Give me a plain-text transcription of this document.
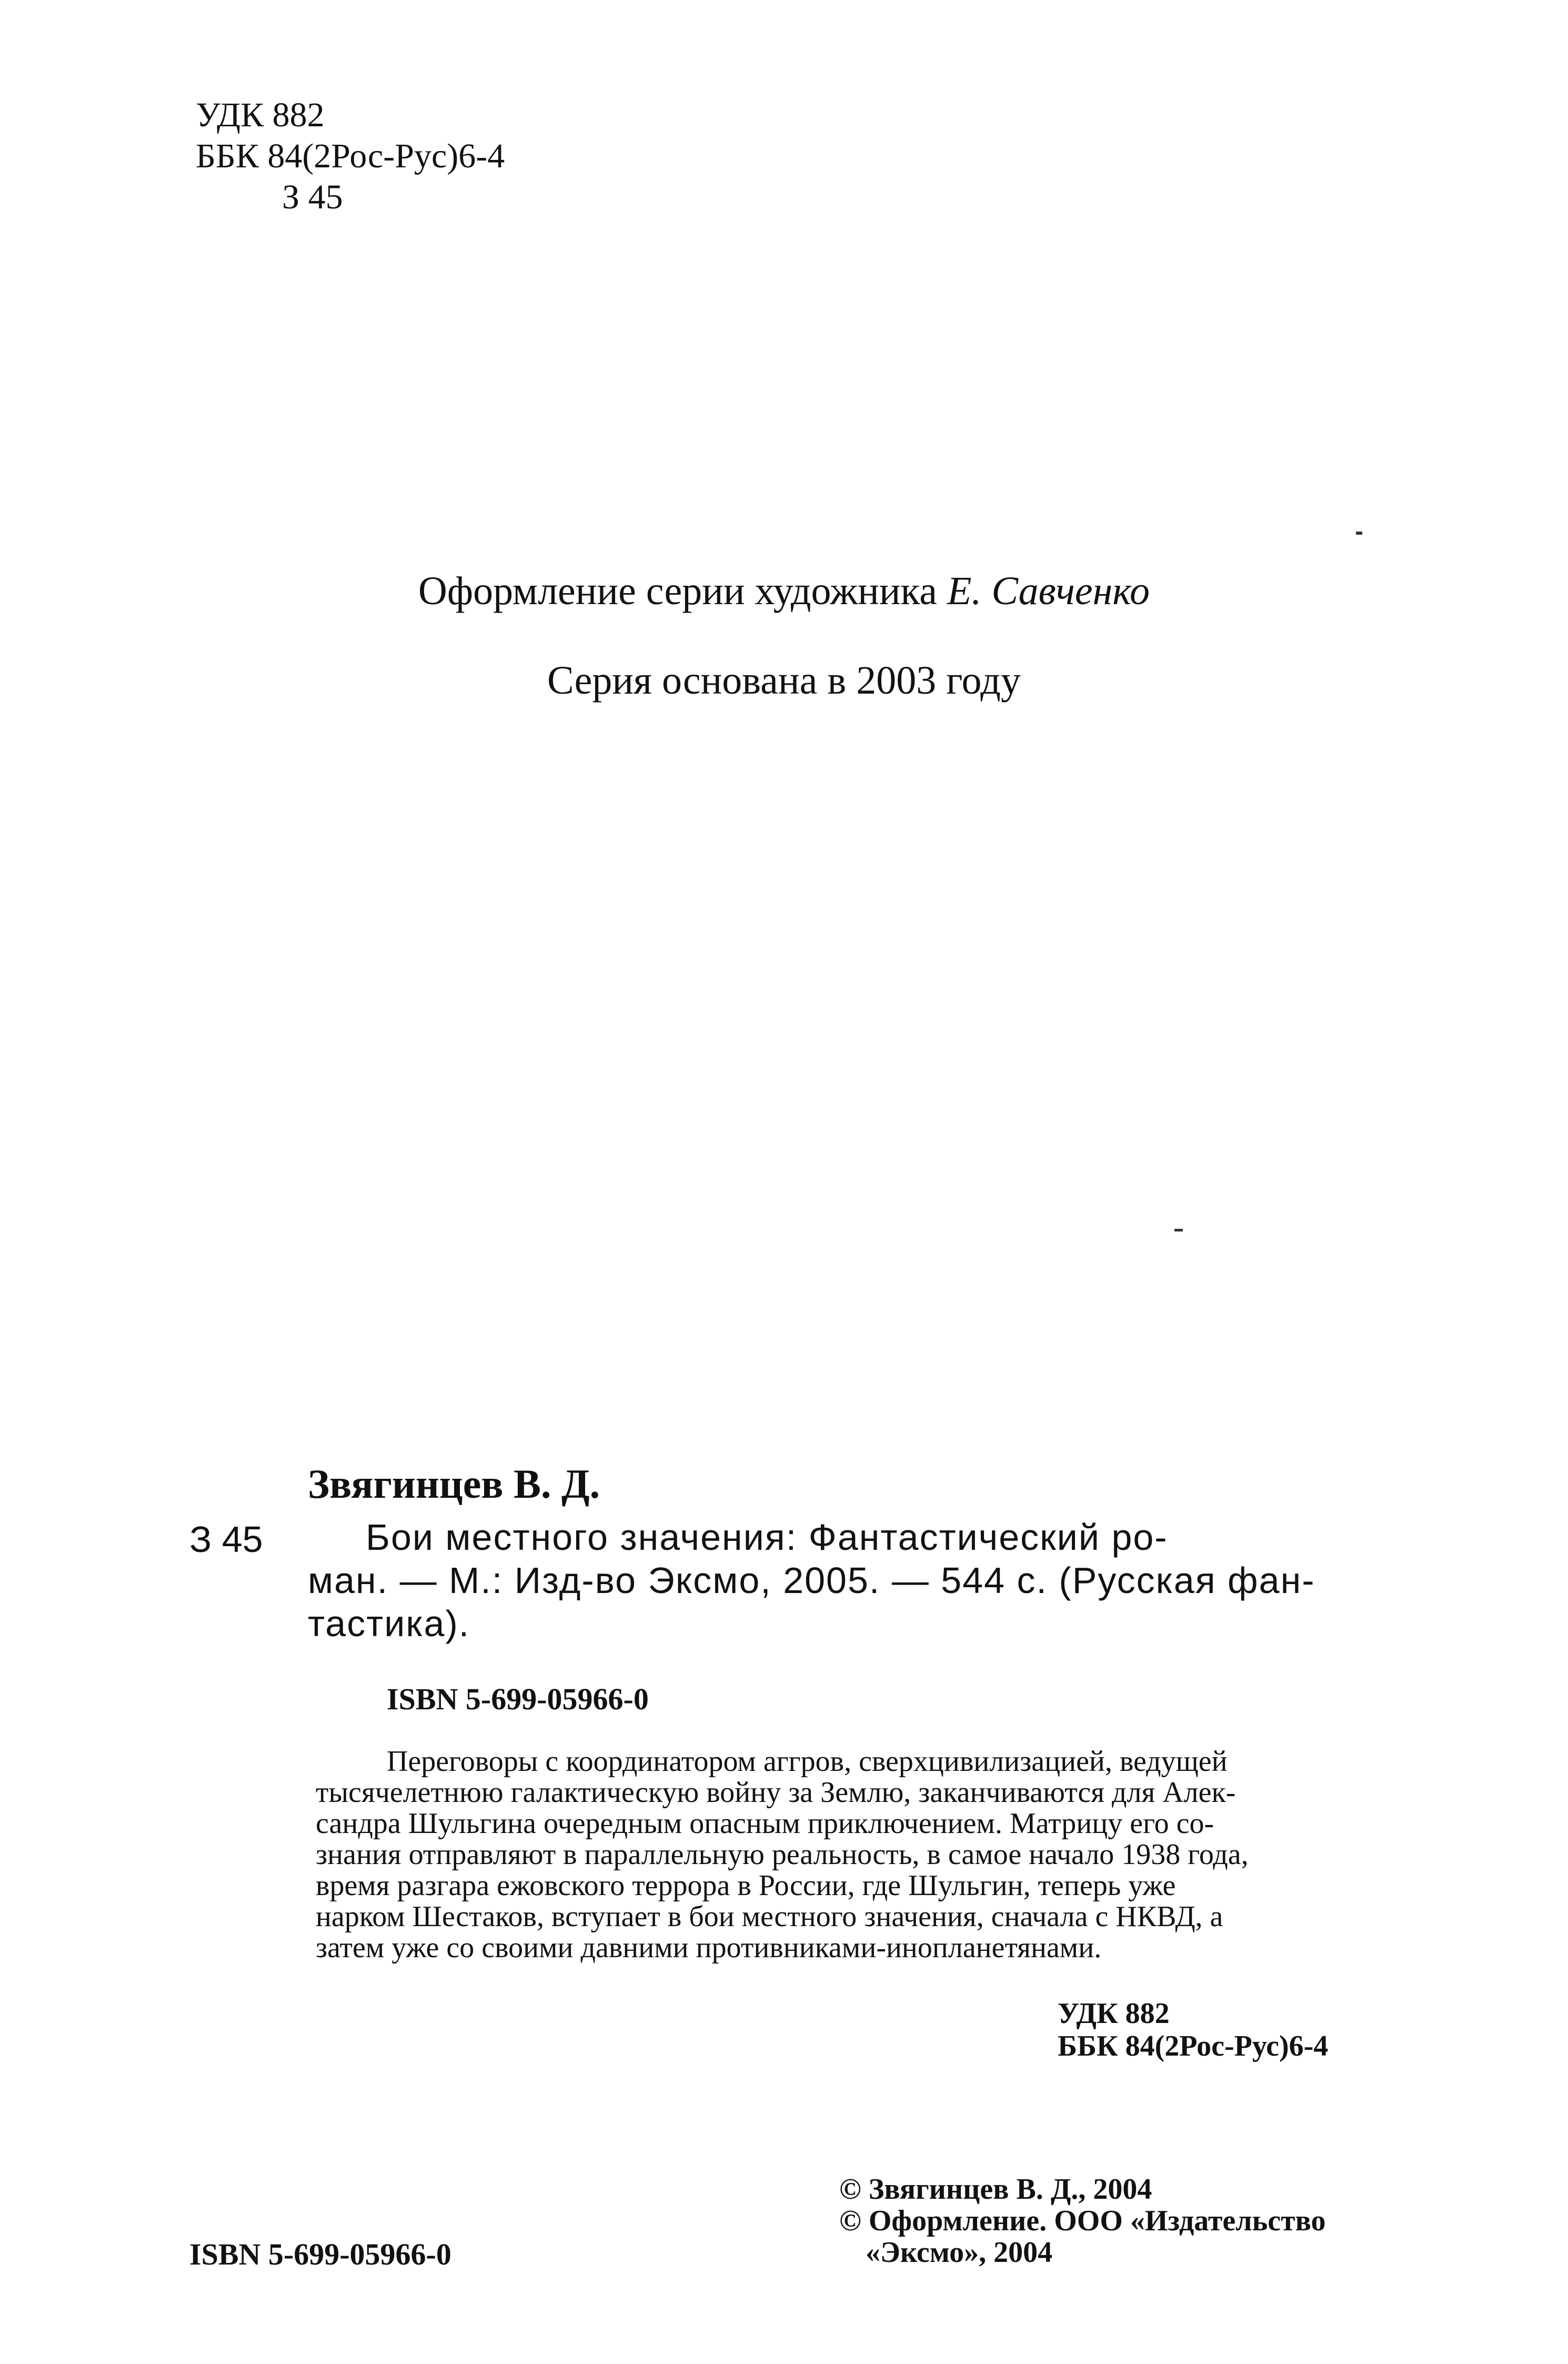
УДК 882
ББК 84(2Рос-Рус)6-4
З 45
Оформление серии художника Е. Савченко
Серия основана в 2003 году
Звягинцев В. Д.
З 45	Бои местного значения: Фантастический ро-
ман. — М.: Изд-во Эксмо, 2005. — 544 с. (Русская фан-
тастика).
ISBN 5-699-05966-0
Переговоры с координатором аггров, сверхцивилизацией, ведущей
тысячелетнюю галактическую войну за Землю, заканчиваются для Алек-
сандра Шульгина очередным опасным приключением. Матрицу его со-
знания отправляют в параллельную реальность, в самое начало 1938 года,
время разгара ежовского террора в России, где Шульгин, теперь уже
нарком Шестаков, вступает в бои местного значения, сначала с НКВД, а
затем уже со своими давними противниками-инопланетянами.
УДК 882
ББК 84(2Рос-Рус)6-4
© Звягинцев В. Д., 2004
© Оформление. ООО «Издательство
«Эксмо», 2004
ISBN 5-699-05966-0
